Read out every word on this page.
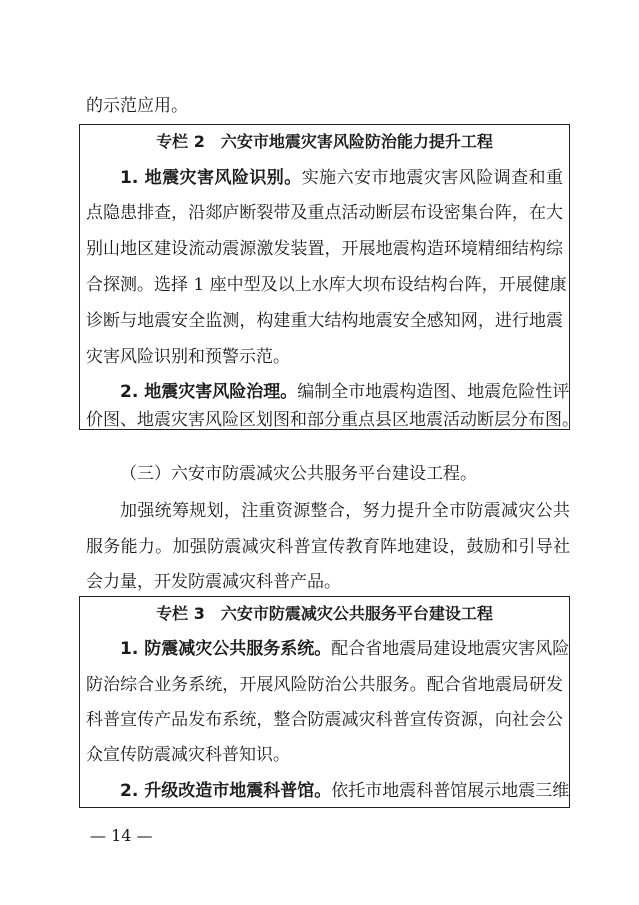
的示范应用。
专栏 2　六安市地震灾害风险防治能力提升工程
1. 地震灾害风险识别。实施六安市地震灾害风险调查和重
点隐患排查，沿郯庐断裂带及重点活动断层布设密集台阵，在大
别山地区建设流动震源激发装置，开展地震构造环境精细结构综
合探测。选择 1 座中型及以上水库大坝布设结构台阵，开展健康
诊断与地震安全监测，构建重大结构地震安全感知网，进行地震
灾害风险识别和预警示范。
2. 地震灾害风险治理。编制全市地震构造图、地震危险性评
价图、地震灾害风险区划图和部分重点县区地震活动断层分布图。
（三）六安市防震减灾公共服务平台建设工程。
加强统筹规划，注重资源整合，努力提升全市防震减灾公共
服务能力。加强防震减灾科普宣传教育阵地建设，鼓励和引导社
会力量，开发防震减灾科普产品。
专栏 3　六安市防震减灾公共服务平台建设工程
1. 防震减灾公共服务系统。配合省地震局建设地震灾害风险
防治综合业务系统，开展风险防治公共服务。配合省地震局研发
科普宣传产品发布系统，整合防震减灾科普宣传资源，向社会公
众宣传防震减灾科普知识。
2. 升级改造市地震科普馆。依托市地震科普馆展示地震三维
— 14 —
